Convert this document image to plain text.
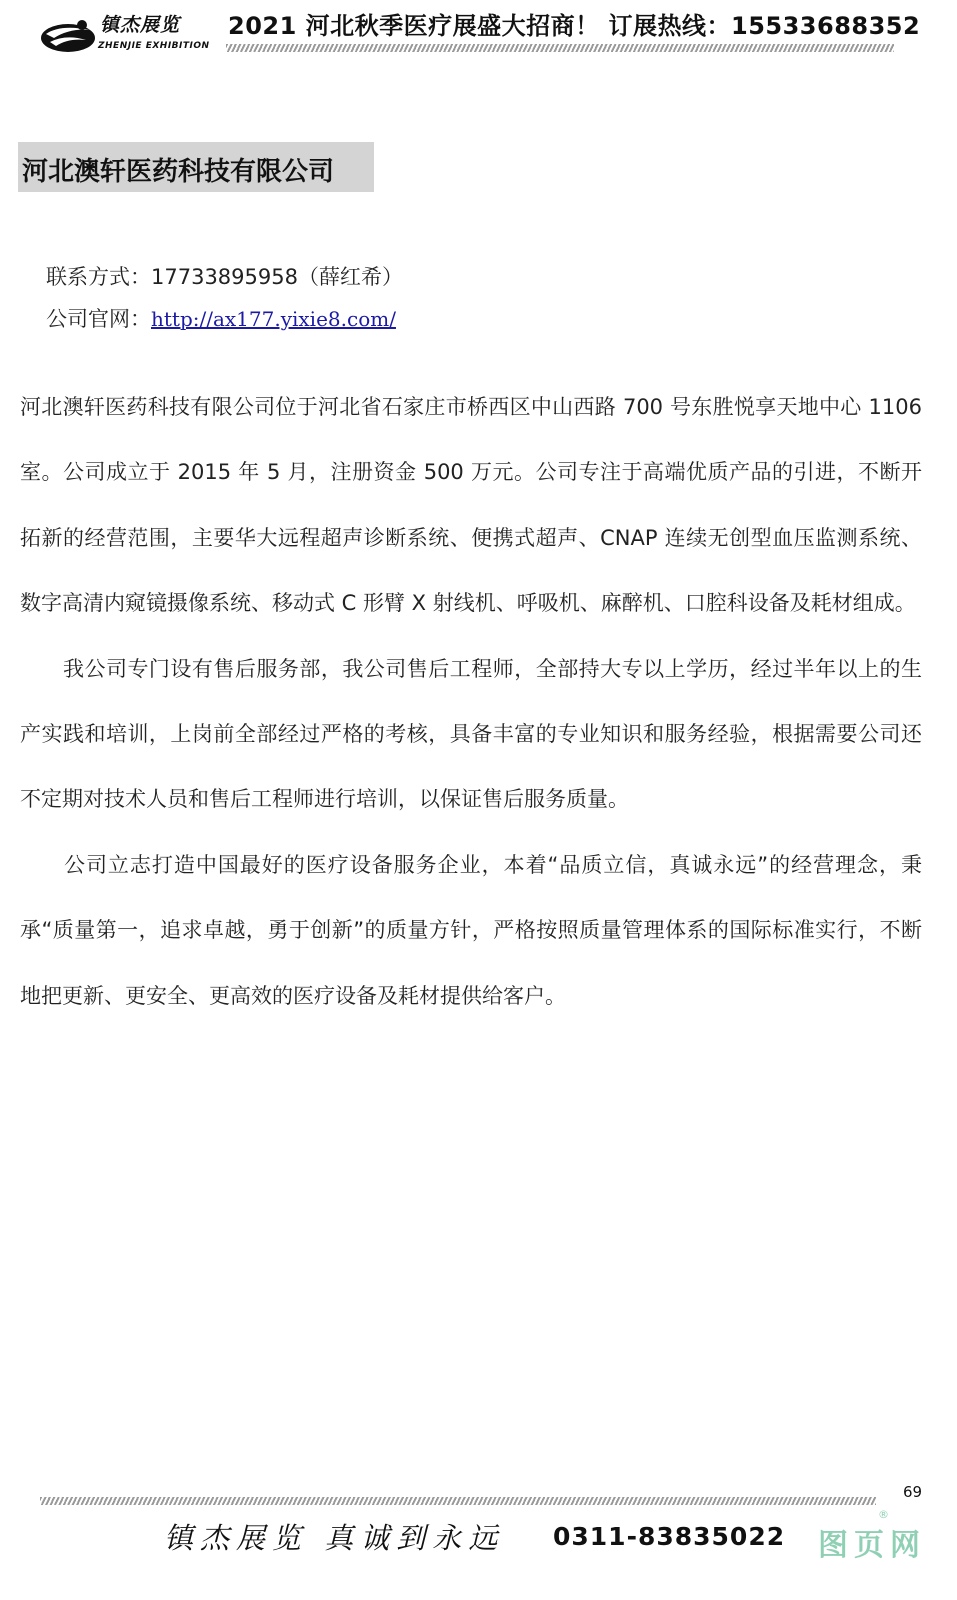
镇杰展览
ZHENJIE EXHIBITION
2021 河北秋季医疗展盛大招商！ 订展热线：15533688352
河北澳轩医药科技有限公司
联系方式：17733895958（薛红希）
公司官网：http://ax177.yixie8.com/

河北澳轩医药科技有限公司位于河北省石家庄市桥西区中山西路 700 号东胜悦享天地中心 1106 室。公司成立于 2015 年 5 月，注册资金 500 万元。公司专注于高端优质产品的引进，不断开拓新的经营范围，主要华大远程超声诊断系统、便携式超声、CNAP 连续无创型血压监测系统、数字高清内窥镜摄像系统、移动式 C 形臂 X 射线机、呼吸机、麻醉机、口腔科设备及耗材组成。

　　我公司专门设有售后服务部，我公司售后工程师，全部持大专以上学历，经过半年以上的生产实践和培训，上岗前全部经过严格的考核，具备丰富的专业知识和服务经验，根据需要公司还不定期对技术人员和售后工程师进行培训，以保证售后服务质量。

　　公司立志打造中国最好的医疗设备服务企业，本着“品质立信，真诚永远”的经营理念，秉承“质量第一，追求卓越，勇于创新”的质量方针，严格按照质量管理体系的国际标准实行，不断地把更新、更安全、更高效的医疗设备及耗材提供给客户。

69
镇杰展览 真诚到永远 0311-83835022 图页网
®
